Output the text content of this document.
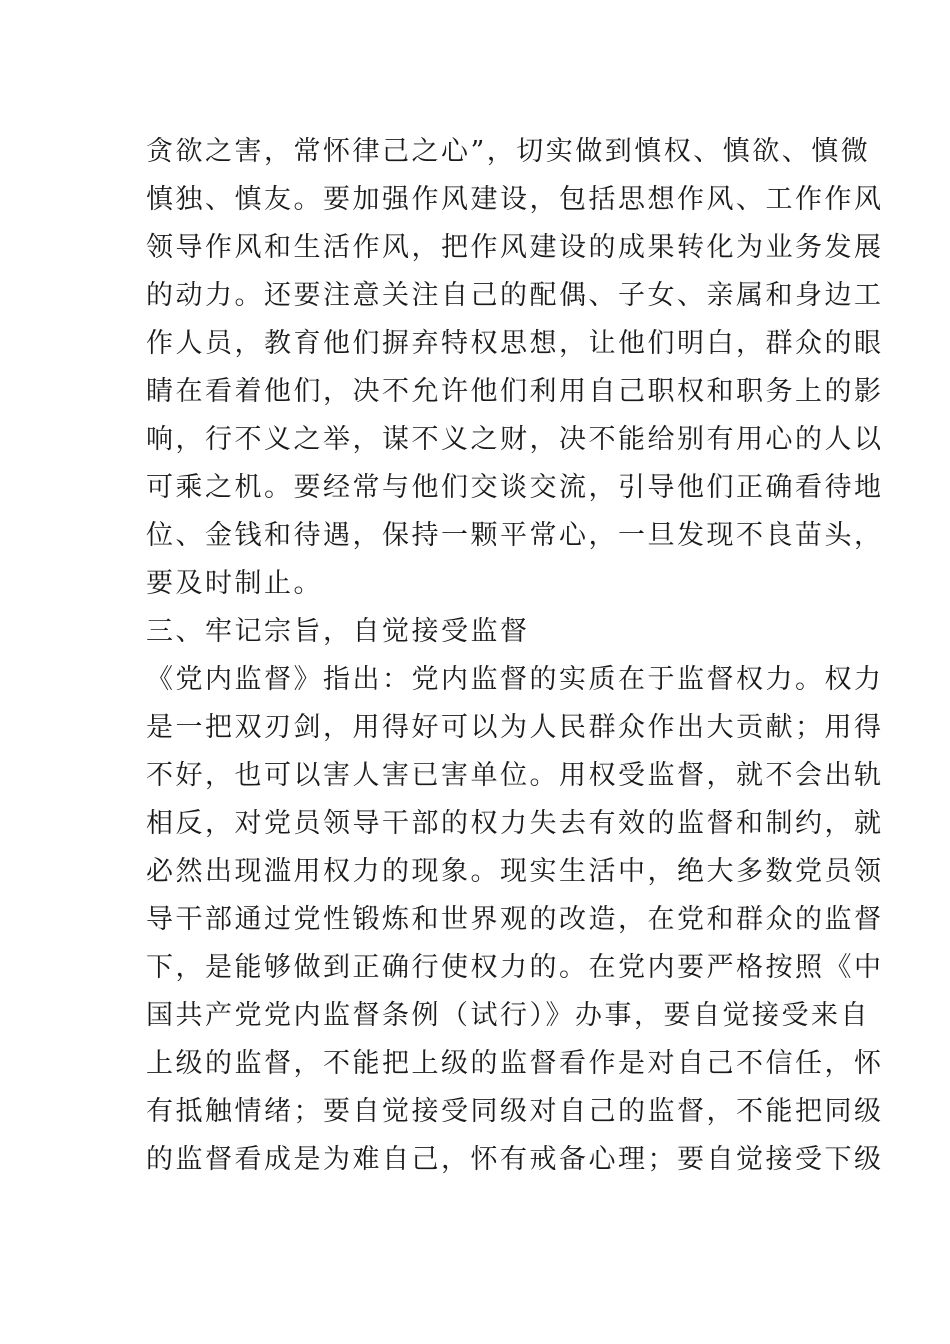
贪欲之害，常怀律己之心”，切实做到慎权、慎欲、慎微
慎独、慎友。要加强作风建设，包括思想作风、工作作风
领导作风和生活作风，把作风建设的成果转化为业务发展
的动力。还要注意关注自己的配偶、子女、亲属和身边工
作人员，教育他们摒弃特权思想，让他们明白，群众的眼
睛在看着他们，决不允许他们利用自己职权和职务上的影
响，行不义之举，谋不义之财，决不能给别有用心的人以
可乘之机。要经常与他们交谈交流，引导他们正确看待地
位、金钱和待遇，保持一颗平常心，一旦发现不良苗头，
要及时制止。
三、牢记宗旨，自觉接受监督
《党内监督》指出：党内监督的实质在于监督权力。权力
是一把双刃剑，用得好可以为人民群众作出大贡献；用得
不好，也可以害人害已害单位。用权受监督，就不会出轨
相反，对党员领导干部的权力失去有效的监督和制约，就
必然出现滥用权力的现象。现实生活中，绝大多数党员领
导干部通过党性锻炼和世界观的改造，在党和群众的监督
下，是能够做到正确行使权力的。在党内要严格按照《中
国共产党党内监督条例（试行）》办事，要自觉接受来自
上级的监督，不能把上级的监督看作是对自己不信任，怀
有抵触情绪；要自觉接受同级对自己的监督，不能把同级
的监督看成是为难自己，怀有戒备心理；要自觉接受下级
